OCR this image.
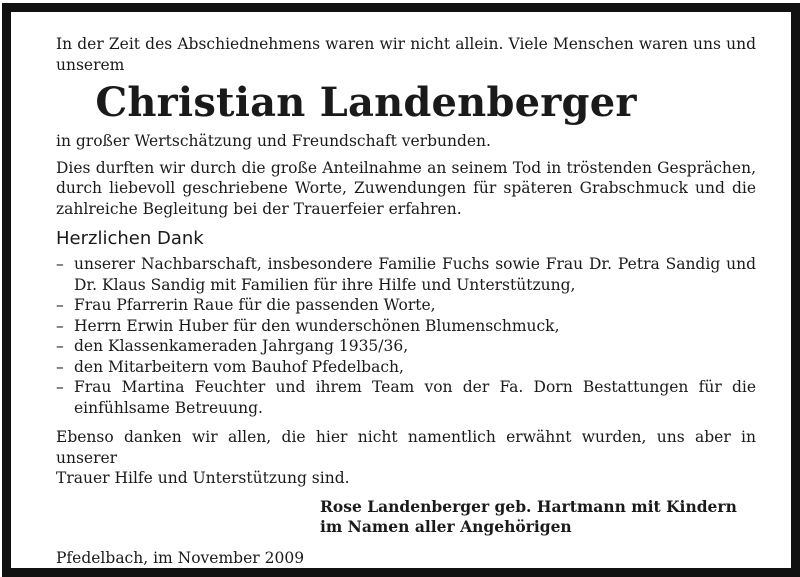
In der Zeit des Abschiednehmens waren wir nicht allein. Viele Menschen waren uns und
unserem
Christian Landenberger
in großer Wertschätzung und Freundschaft verbunden.
Dies durften wir durch die große Anteilnahme an seinem Tod in tröstenden Gesprächen,
durch liebevoll geschriebene Worte, Zuwendungen für späteren Grabschmuck und die
zahlreiche Begleitung bei der Trauerfeier erfahren.
Herzlichen Dank
– unserer Nachbarschaft, insbesondere Familie Fuchs sowie Frau Dr. Petra Sandig und
Dr. Klaus Sandig mit Familien für ihre Hilfe und Unterstützung,
– Frau Pfarrerin Raue für die passenden Worte,
– Herrn Erwin Huber für den wunderschönen Blumenschmuck,
– den Klassenkameraden Jahrgang 1935/36,
– den Mitarbeitern vom Bauhof Pfedelbach,
– Frau Martina Feuchter und ihrem Team von der Fa. Dorn Bestattungen für die
einfühlsame Betreuung.
Ebenso danken wir allen, die hier nicht namentlich erwähnt wurden, uns aber in unserer
Trauer Hilfe und Unterstützung sind.
Rose Landenberger geb. Hartmann mit Kindern
im Namen aller Angehörigen
Pfedelbach, im November 2009
